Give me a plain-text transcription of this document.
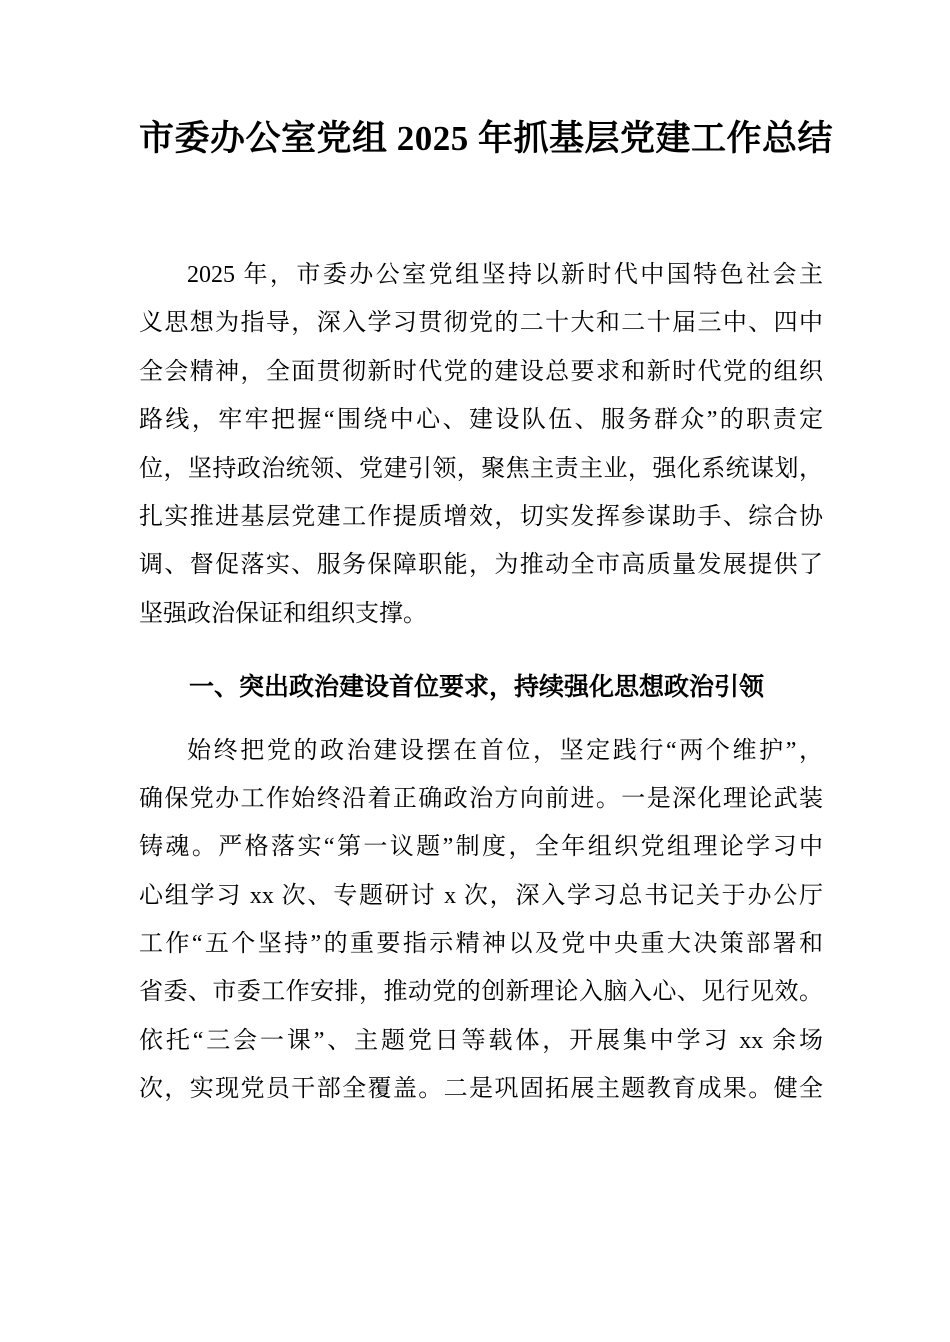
市委办公室党组 2025 年抓基层党建工作总结
2025 年，市委办公室党组坚持以新时代中国特色社会主
义思想为指导，深入学习贯彻党的二十大和二十届三中、四中
全会精神，全面贯彻新时代党的建设总要求和新时代党的组织
路线，牢牢把握“围绕中心、建设队伍、服务群众”的职责定
位，坚持政治统领、党建引领，聚焦主责主业，强化系统谋划，
扎实推进基层党建工作提质增效，切实发挥参谋助手、综合协
调、督促落实、服务保障职能，为推动全市高质量发展提供了
坚强政治保证和组织支撑。
一、突出政治建设首位要求，持续强化思想政治引领
始终把党的政治建设摆在首位，坚定践行“两个维护”，
确保党办工作始终沿着正确政治方向前进。一是深化理论武装
铸魂。严格落实“第一议题”制度，全年组织党组理论学习中
心组学习 xx 次、专题研讨 x 次，深入学习总书记关于办公厅
工作“五个坚持”的重要指示精神以及党中央重大决策部署和
省委、市委工作安排，推动党的创新理论入脑入心、见行见效。
依托“三会一课”、主题党日等载体，开展集中学习 xx 余场
次，实现党员干部全覆盖。二是巩固拓展主题教育成果。健全
